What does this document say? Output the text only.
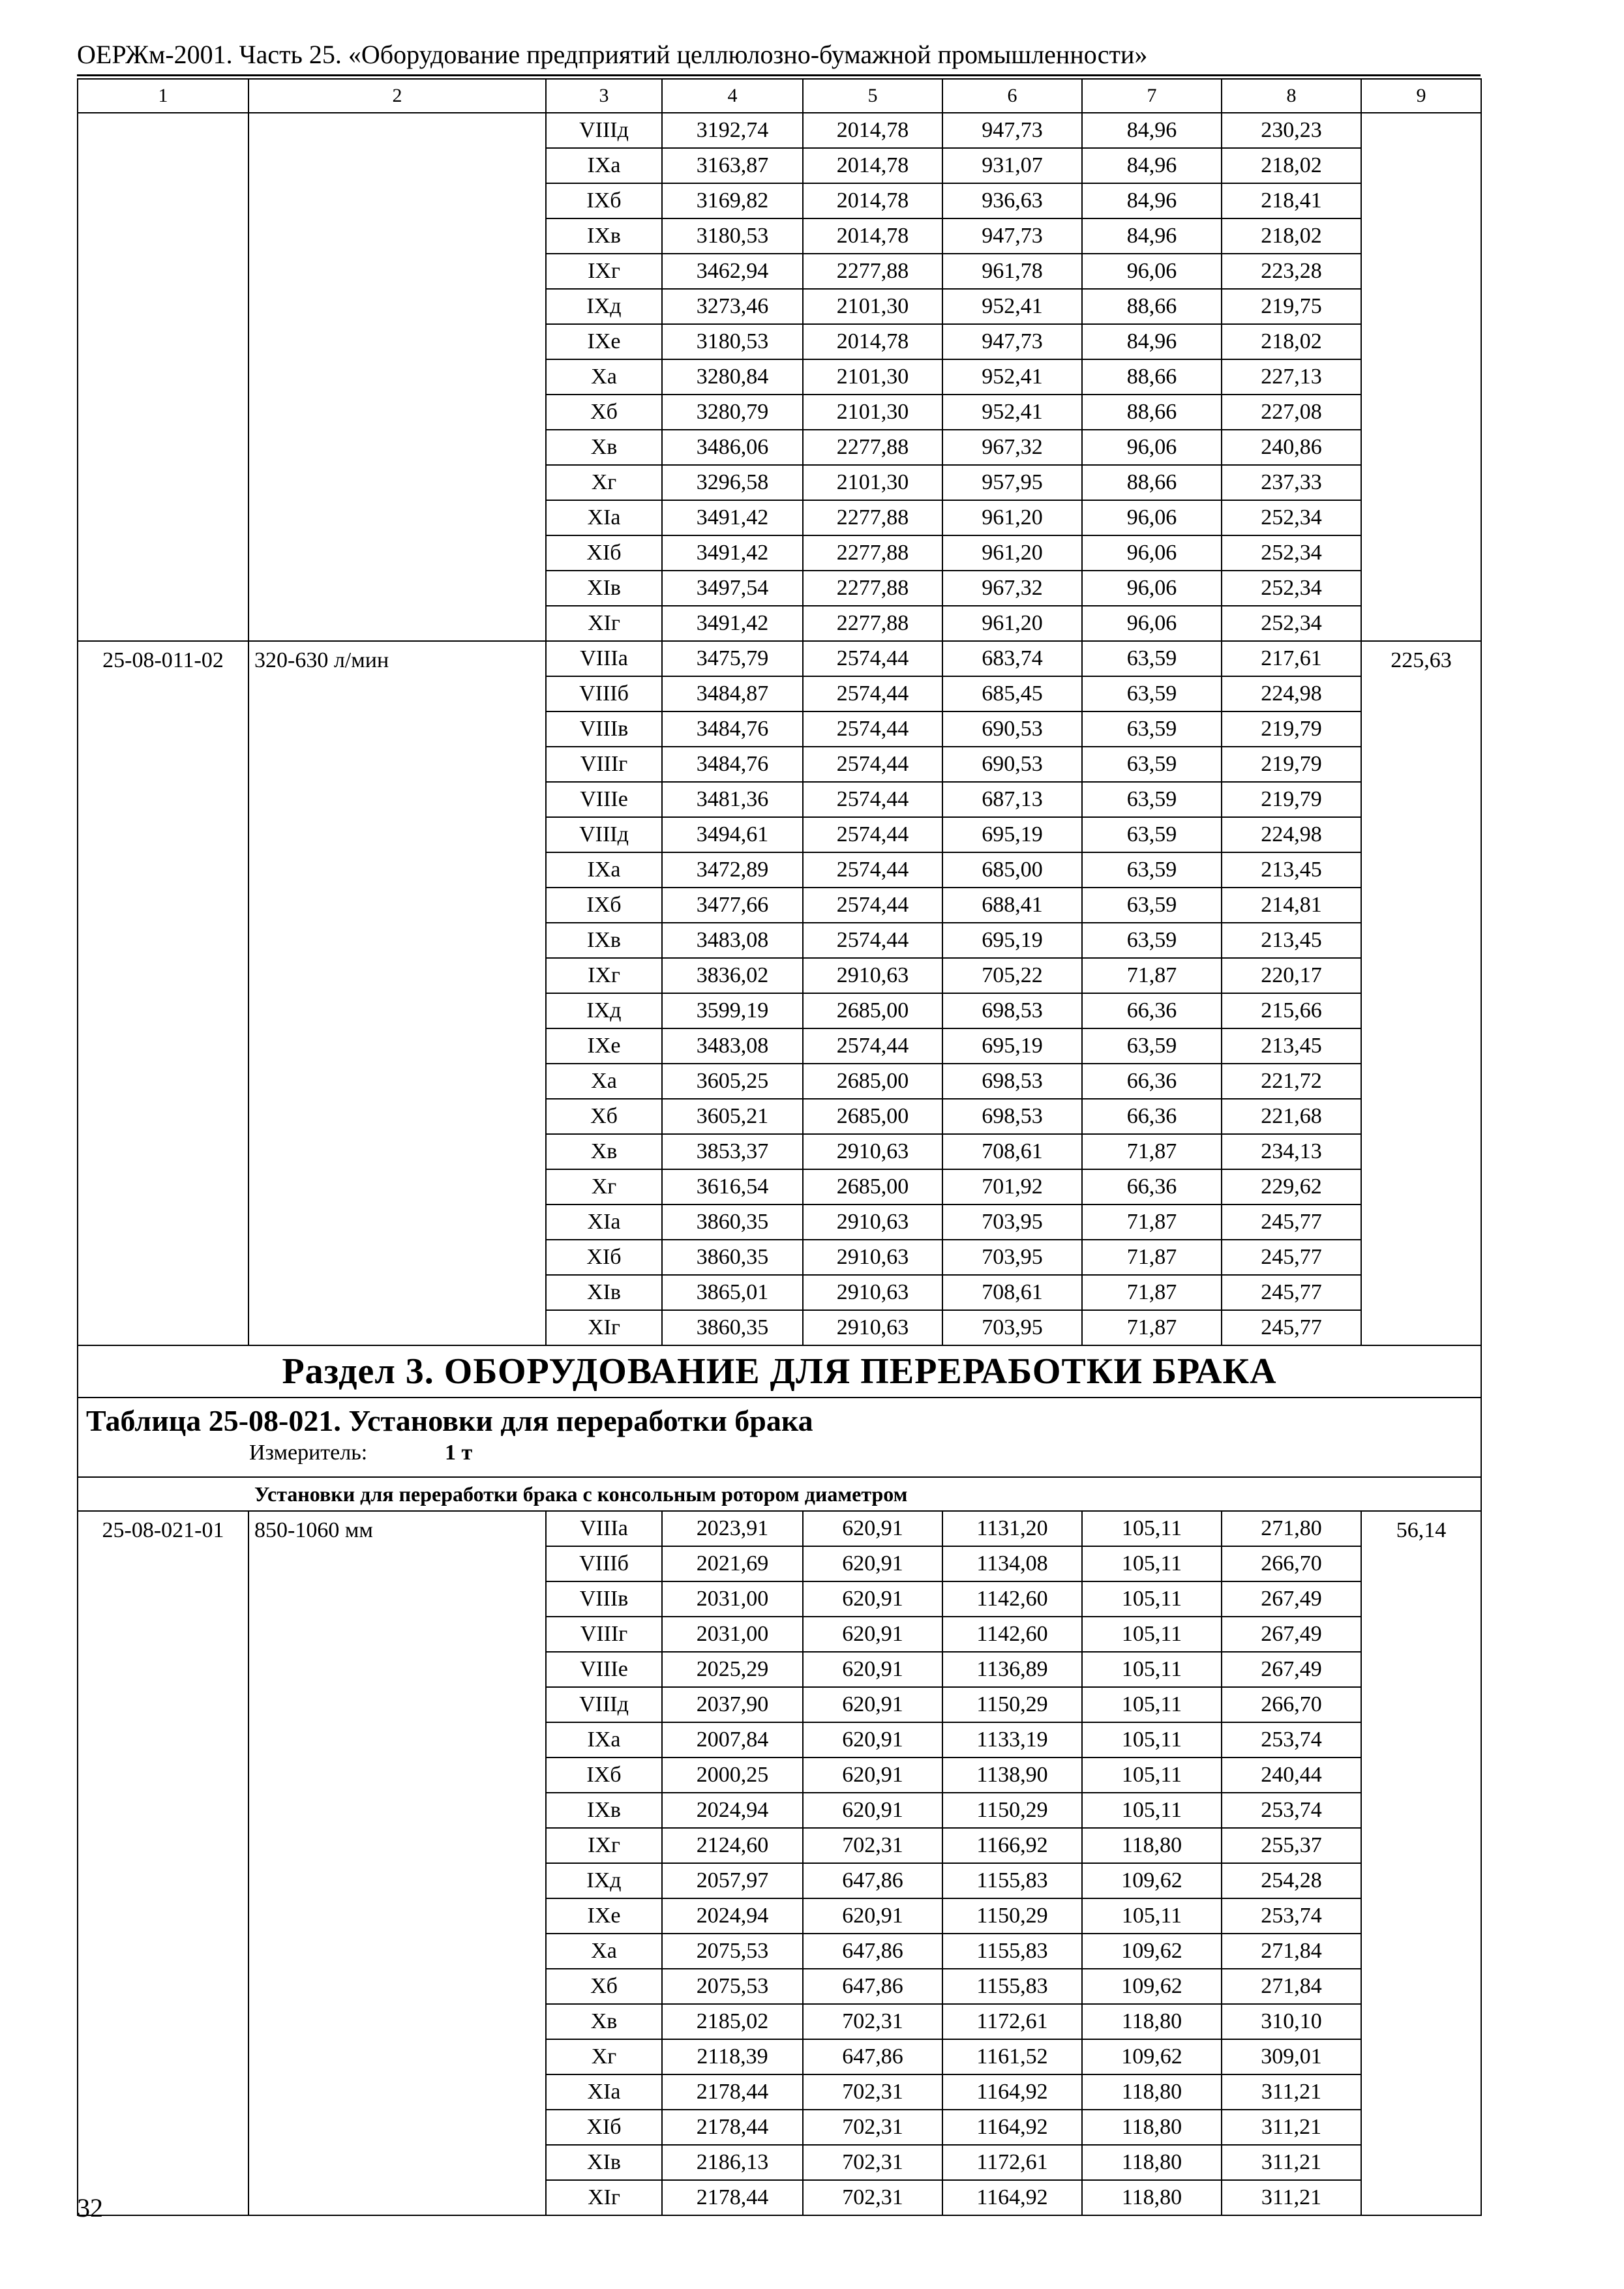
ОЕРЖм-2001. Часть 25. «Оборудование предприятий целлюлозно-бумажной промышленности»
1	2	3	4	5	6	7	8	9
		VIIIд	3192,74	2014,78	947,73	84,96	230,23	
		IXа	3163,87	2014,78	931,07	84,96	218,02	
		IXб	3169,82	2014,78	936,63	84,96	218,41	
		IXв	3180,53	2014,78	947,73	84,96	218,02	
		IXг	3462,94	2277,88	961,78	96,06	223,28	
		IXд	3273,46	2101,30	952,41	88,66	219,75	
		IXе	3180,53	2014,78	947,73	84,96	218,02	
		Xа	3280,84	2101,30	952,41	88,66	227,13	
		Xб	3280,79	2101,30	952,41	88,66	227,08	
		Xв	3486,06	2277,88	967,32	96,06	240,86	
		Xг	3296,58	2101,30	957,95	88,66	237,33	
		XIа	3491,42	2277,88	961,20	96,06	252,34	
		XIб	3491,42	2277,88	961,20	96,06	252,34	
		XIв	3497,54	2277,88	967,32	96,06	252,34	
		XIг	3491,42	2277,88	961,20	96,06	252,34	
25-08-011-02	320-630 л/мин	VIIIа	3475,79	2574,44	683,74	63,59	217,61	225,63
		VIIIб	3484,87	2574,44	685,45	63,59	224,98	
		VIIIв	3484,76	2574,44	690,53	63,59	219,79	
		VIIIг	3484,76	2574,44	690,53	63,59	219,79	
		VIIIе	3481,36	2574,44	687,13	63,59	219,79	
		VIIIд	3494,61	2574,44	695,19	63,59	224,98	
		IXа	3472,89	2574,44	685,00	63,59	213,45	
		IXб	3477,66	2574,44	688,41	63,59	214,81	
		IXв	3483,08	2574,44	695,19	63,59	213,45	
		IXг	3836,02	2910,63	705,22	71,87	220,17	
		IXд	3599,19	2685,00	698,53	66,36	215,66	
		IXе	3483,08	2574,44	695,19	63,59	213,45	
		Xа	3605,25	2685,00	698,53	66,36	221,72	
		Xб	3605,21	2685,00	698,53	66,36	221,68	
		Xв	3853,37	2910,63	708,61	71,87	234,13	
		Xг	3616,54	2685,00	701,92	66,36	229,62	
		XIа	3860,35	2910,63	703,95	71,87	245,77	
		XIб	3860,35	2910,63	703,95	71,87	245,77	
		XIв	3865,01	2910,63	708,61	71,87	245,77	
		XIг	3860,35	2910,63	703,95	71,87	245,77	
Раздел 3. ОБОРУДОВАНИЕ ДЛЯ ПЕРЕРАБОТКИ БРАКА								

Таблица 25-08-021. Установки для переработки брака
Измеритель: 1 т								

Установки для переработки брака с консольным ротором диаметром								
25-08-021-01	850-1060 мм	VIIIа	2023,91	620,91	1131,20	105,11	271,80	56,14
		VIIIб	2021,69	620,91	1134,08	105,11	266,70	
		VIIIв	2031,00	620,91	1142,60	105,11	267,49	
		VIIIг	2031,00	620,91	1142,60	105,11	267,49	
		VIIIе	2025,29	620,91	1136,89	105,11	267,49	
		VIIIд	2037,90	620,91	1150,29	105,11	266,70	
		IXа	2007,84	620,91	1133,19	105,11	253,74	
		IXб	2000,25	620,91	1138,90	105,11	240,44	
		IXв	2024,94	620,91	1150,29	105,11	253,74	
		IXг	2124,60	702,31	1166,92	118,80	255,37	
		IXд	2057,97	647,86	1155,83	109,62	254,28	
		IXе	2024,94	620,91	1150,29	105,11	253,74	
		Xа	2075,53	647,86	1155,83	109,62	271,84	
		Xб	2075,53	647,86	1155,83	109,62	271,84	
		Xв	2185,02	702,31	1172,61	118,80	310,10	
		Xг	2118,39	647,86	1161,52	109,62	309,01	
		XIа	2178,44	702,31	1164,92	118,80	311,21	
		XIб	2178,44	702,31	1164,92	118,80	311,21	
		XIв	2186,13	702,31	1172,61	118,80	311,21	
		XIг	2178,44	702,31	1164,92	118,80	311,21	
32
